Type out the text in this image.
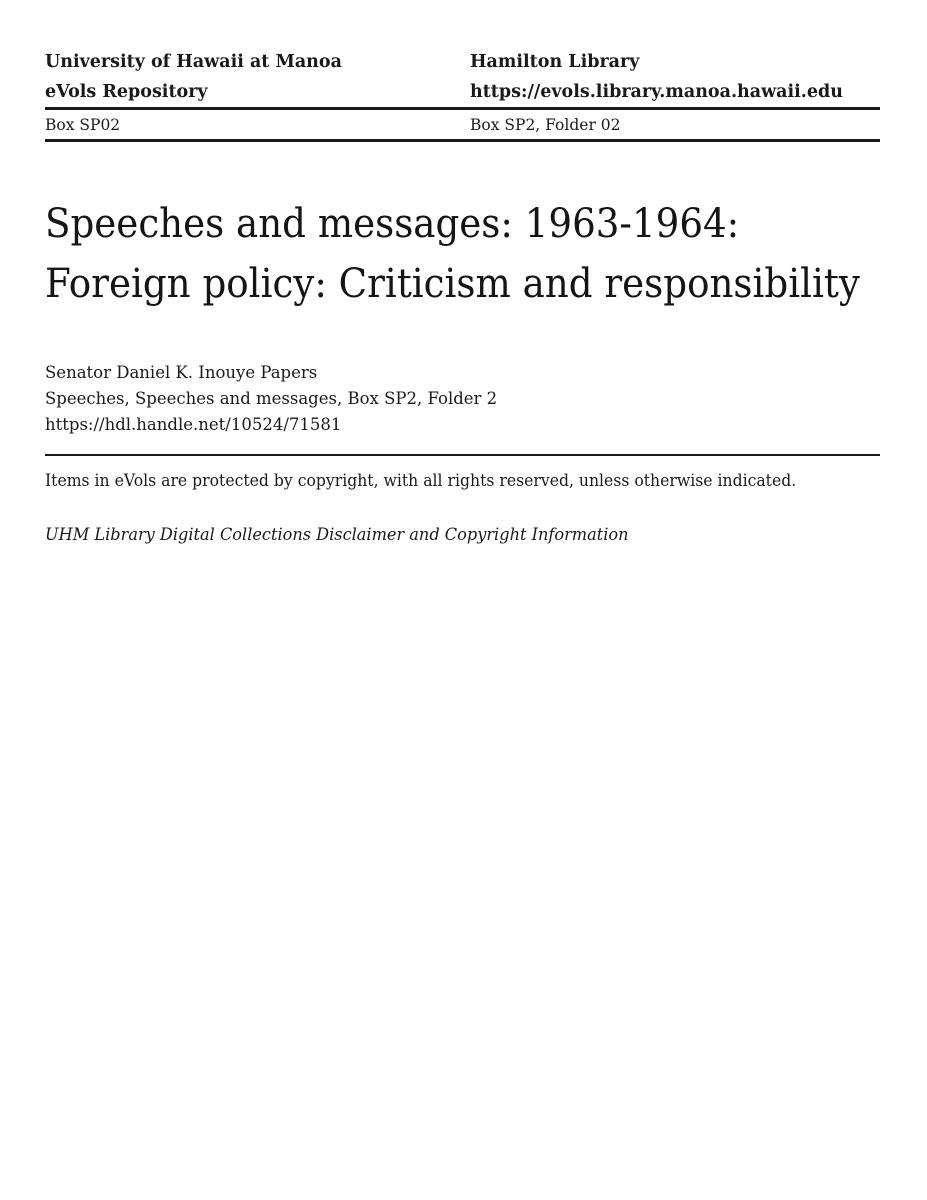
University of Hawaii at Manoa
eVols Repository
Hamilton Library
https://evols.library.manoa.hawaii.edu
Box SP02	Box SP2, Folder 02
Speeches and messages: 1963-1964:
Foreign policy: Criticism and responsibility
Senator Daniel K. Inouye Papers
Speeches, Speeches and messages, Box SP2, Folder 2
https://hdl.handle.net/10524/71581
Items in eVols are protected by copyright, with all rights reserved, unless otherwise indicated.
UHM Library Digital Collections Disclaimer and Copyright Information
